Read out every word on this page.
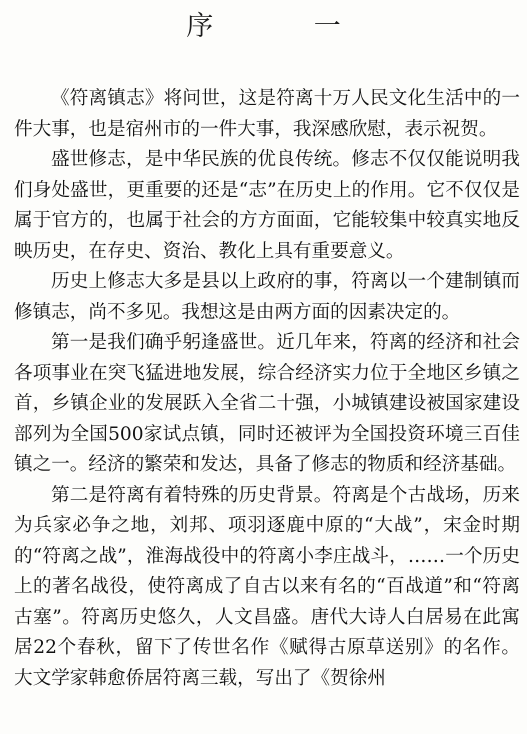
序 一

《符离镇志》将问世，这是符离十万人民文化生活中的一件大事，也是宿州市的一件大事，我深感欣慰，表示祝贺。

盛世修志，是中华民族的优良传统。修志不仅仅能说明我们身处盛世，更重要的还是“志”在历史上的作用。它不仅仅是属于官方的，也属于社会的方方面面，它能较集中较真实地反映历史，在存史、资治、教化上具有重要意义。

历史上修志大多是县以上政府的事，符离以一个建制镇而修镇志，尚不多见。我想这是由两方面的因素决定的。

第一是我们确乎躬逢盛世。近几年来，符离的经济和社会各项事业在突飞猛进地发展，综合经济实力位于全地区乡镇之首，乡镇企业的发展跃入全省二十强，小城镇建设被国家建设部列为全国500家试点镇，同时还被评为全国投资环境三百佳镇之一。经济的繁荣和发达，具备了修志的物质和经济基础。

第二是符离有着特殊的历史背景。符离是个古战场，历来为兵家必争之地，刘邦、项羽逐鹿中原的“大战”，宋金时期的“符离之战”，淮海战役中的符离小李庄战斗，……一个历史上的著名战役，使符离成了自古以来有名的“百战道”和“符离古塞”。符离历史悠久，人文昌盛。唐代大诗人白居易在此寓居22个春秋，留下了传世名作《赋得古原草送别》的名作。大文学家韩愈侨居符离三载，写出了《贺徐州
